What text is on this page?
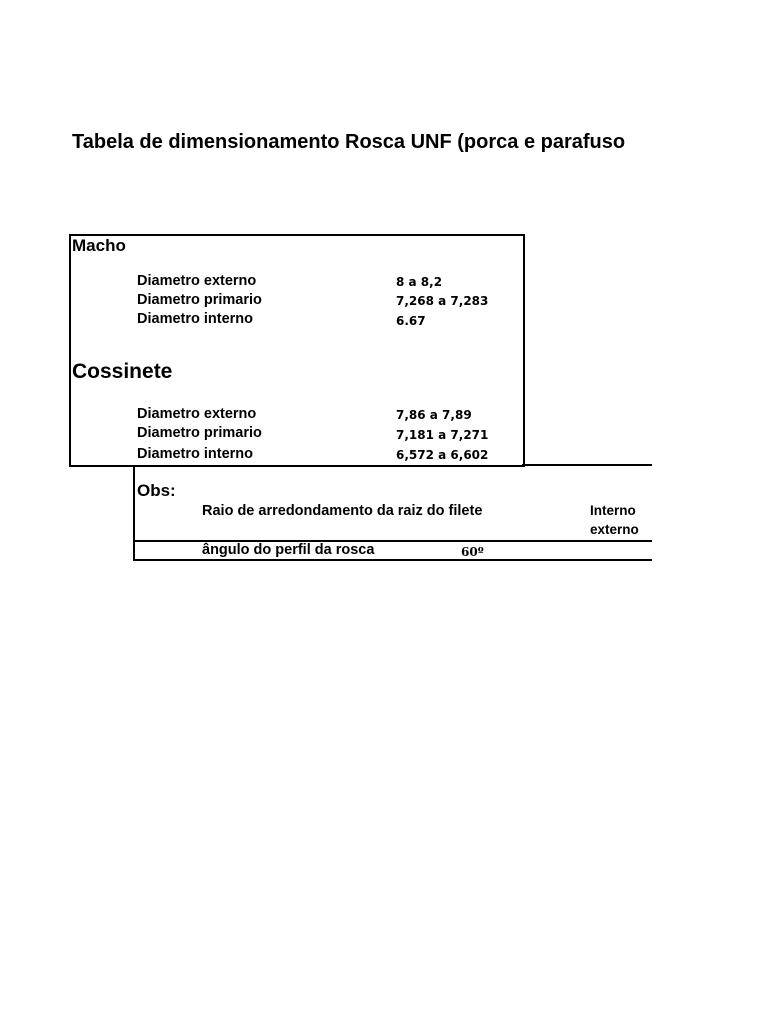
Tabela de dimensionamento Rosca UNF (porca e parafuso
Macho
Diametro externo	8 a 8,2
Diametro primario	7,268 a 7,283
Diametro interno	6.67
Cossinete
Diametro externo	7,86 a 7,89
Diametro primario	7,181 a 7,271
Diametro interno	6,572 a 6,602
Obs:
Raio de arredondamento da raiz do filete	Interno
externo
ângulo do perfil da rosca	60º
